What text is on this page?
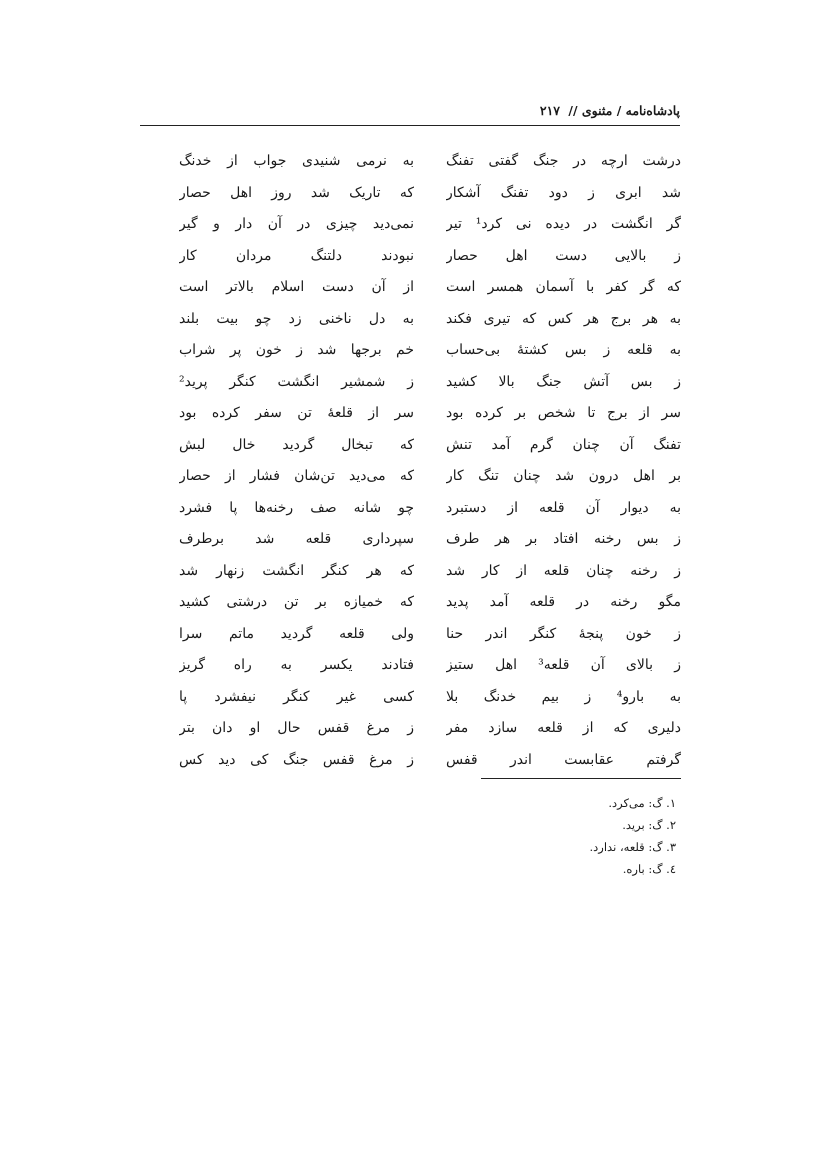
پادشاه‌نامه / مثنوی // ۲۱۷
درشت ارچه در جنگ گفتی تفنگ
به نرمی شنیدی جواب از خدنگ
شد ابری ز دود تفنگ آشکار
که تاریک شد روز اهل حصار
گر انگشت در دیده نی کرد¹ تیر
نمی‌دید چیزی در آن دار و گیر
ز بالایی دست اهل حصار
نبودند دلتنگ مردان کار
که گر کفر با آسمان همسر است
از آن دست اسلام بالاتر است
به هر برج هر کس که تیری فکند
به دل ناخنی زد چو بیت بلند
به قلعه ز بس کشتهٔ بی‌حساب
خم برجها شد ز خون پر شراب
ز بس آتش جنگ بالا کشید
ز شمشیر انگشت کنگر پرید²
سر از برج تا شخص بر کرده بود
سر از قلعهٔ تن سفر کرده بود
تفنگ آن چنان گرم آمد تنش
که تبخال گردید خال لبش
بر اهل درون شد چنان تنگ کار
که می‌دید تن‌شان فشار از حصار
به دیوار آن قلعه از دستبرد
چو شانه صف رخنه‌ها پا فشرد
ز بس رخنه افتاد بر هر طرف
سپرداری قلعه شد برطرف
ز رخنه چنان قلعه از کار شد
که هر کنگر انگشت زنهار شد
مگو رخنه در قلعه آمد پدید
که خمیازه بر تن درشتی کشید
ز خون پنجهٔ کنگر اندر حنا
ولی قلعه گردید ماتم سرا
ز بالای آن قلعه³ اهل ستیز
فتادند یکسر به راه گریز
به بارو⁴ ز بیم خدنگ بلا
کسی غیر کنگر نیفشرد پا
دلیری که از قلعه سازد مفر
ز مرغ قفس حال او دان بتر
گرفتم عقابست اندر قفس
ز مرغ قفس جنگ کی دید کس
١. گ: می‌کرد.
٢. گ: برید.
٣. گ: قلعه، ندارد.
٤. گ: باره.
